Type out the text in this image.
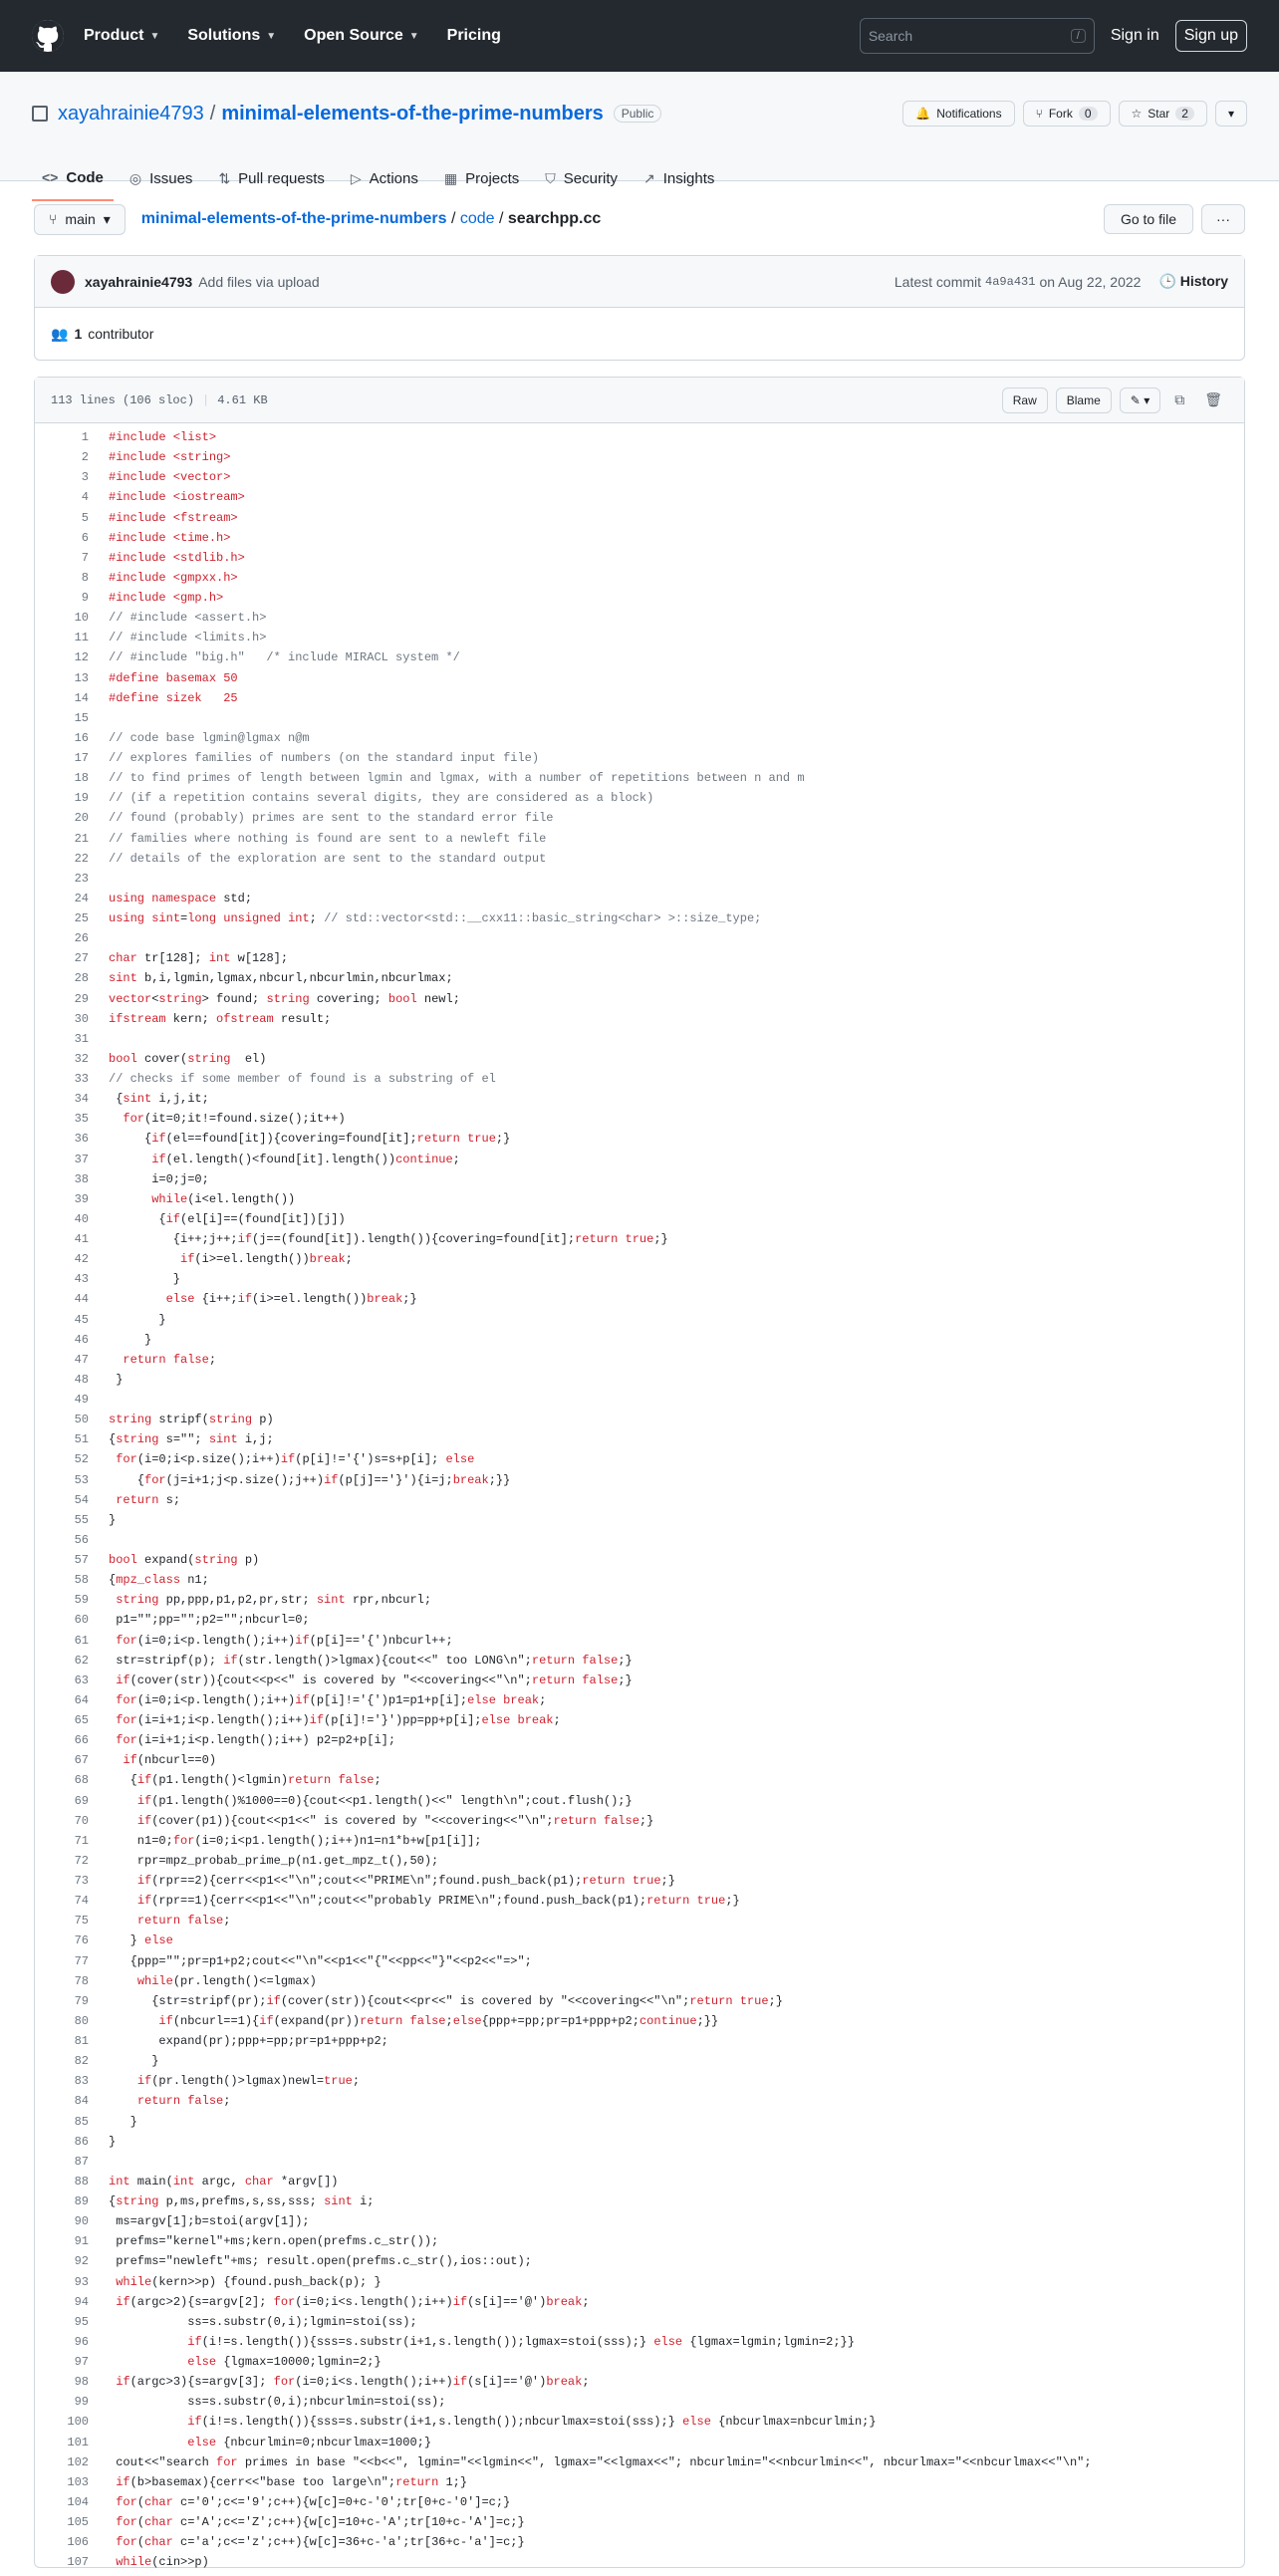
Product ▼ Solutions ▼ Open Source ▼ Pricing	Search	/	Sign in	Sign up
xayahrainie4793 / minimal-elements-of-the-prime-numbers	Public	🔔 Notifications	⑂ Fork	0	☆ Star	2	▾
<> Code ◎ Issues ⇅ Pull requests ▷ Actions ▦ Projects ⛉ Security ↗ Insights
⑂ main ▾ minimal-elements-of-the-prime-numbers / code / searchpp.cc	Go to file	···
xayahrainie4793 Add files via upload	Latest commit 4a9a431 on Aug 22, 2022 🕒 History
👥 1 contributor
113 lines (106 sloc) | 4.61 KB	Raw	Blame	✎ ▾	⧉	🗑
1	#include <list>
2	#include <string>
3	#include <vector>
4	#include <iostream>
5	#include <fstream>
6	#include <time.h>
7	#include <stdlib.h>
8	#include <gmpxx.h>
9	#include <gmp.h>
10	// #include <assert.h>
11	// #include <limits.h>
12	// #include "big.h"   /* include MIRACL system */
13	#define basemax 50
14	#define sizek   25
15

16	// code base lgmin@lgmax n@m
17	// explores families of numbers (on the standard input file)
18	// to find primes of length between lgmin and lgmax, with a number of repetitions between n and m
19	// (if a repetition contains several digits, they are considered as a block)
20	// found (probably) primes are sent to the standard error file
21	// families where nothing is found are sent to a newleft file
22	// details of the exploration are sent to the standard output
23

24	using namespace std;
25	using sint=long unsigned int; // std::vector<std::__cxx11::basic_string<char> >::size_type;
26

27	char tr[128]; int w[128];
28	sint b,i,lgmin,lgmax,nbcurl,nbcurlmin,nbcurlmax;
29	vector<string> found; string covering; bool newl;
30	ifstream kern; ofstream result;
31

32	bool cover(string  el)
33	// checks if some member of found is a substring of el
34	{sint i,j,it;
35	for(it=0;it!=found.size();it++)
36	{if(el==found[it]){covering=found[it];return true;}
37	if(el.length()<found[it].length())continue;
38	i=0;j=0;
39	while(i<el.length())
40	{if(el[i]==(found[it])[j])
41	{i++;j++;if(j==(found[it]).length()){covering=found[it];return true;}
42	if(i>=el.length())break;
43	}
44	else {i++;if(i>=el.length())break;}
45	}
46	}
47	return false;
48	}
49

50	string stripf(string p)
51	{string s=""; sint i,j;
52	for(i=0;i<p.size();i++)if(p[i]!='{')s=s+p[i]; else
53	{for(j=i+1;j<p.size();j++)if(p[j]=='}'){i=j;break;}}
54	return s;
55	}
56

57	bool expand(string p)
58	{mpz_class n1;
59	string pp,ppp,p1,p2,pr,str; sint rpr,nbcurl;
60	p1="";pp="";p2="";nbcurl=0;
61	for(i=0;i<p.length();i++)if(p[i]=='{')nbcurl++;
62	str=stripf(p); if(str.length()>lgmax){cout<<" too LONG\n";return false;}
63	if(cover(str)){cout<<p<<" is covered by "<<covering<<"\n";return false;}
64	for(i=0;i<p.length();i++)if(p[i]!='{')p1=p1+p[i];else break;
65	for(i=i+1;i<p.length();i++)if(p[i]!='}')pp=pp+p[i];else break;
66	for(i=i+1;i<p.length();i++) p2=p2+p[i];
67	if(nbcurl==0)
68	{if(p1.length()<lgmin)return false;
69	if(p1.length()%1000==0){cout<<p1.length()<<" length\n";cout.flush();}
70	if(cover(p1)){cout<<p1<<" is covered by "<<covering<<"\n";return false;}
71	n1=0;for(i=0;i<p1.length();i++)n1=n1*b+w[p1[i]];
72	rpr=mpz_probab_prime_p(n1.get_mpz_t(),50);
73	if(rpr==2){cerr<<p1<<"\n";cout<<"PRIME\n";found.push_back(p1);return true;}
74	if(rpr==1){cerr<<p1<<"\n";cout<<"probably PRIME\n";found.push_back(p1);return true;}
75	return false;
76	} else
77	{ppp="";pr=p1+p2;cout<<"\n"<<p1<<"{"<<pp<<"}"<<p2<<"=>";
78	while(pr.length()<=lgmax)
79	{str=stripf(pr);if(cover(str)){cout<<pr<<" is covered by "<<covering<<"\n";return true;}
80	if(nbcurl==1){if(expand(pr))return false;else{ppp+=pp;pr=p1+ppp+p2;continue;}}
81	expand(pr);ppp+=pp;pr=p1+ppp+p2;
82	}
83	if(pr.length()>lgmax)newl=true;
84	return false;
85	}
86	}
87

88	int main(int argc, char *argv[])
89	{string p,ms,prefms,s,ss,sss; sint i;
90	ms=argv[1];b=stoi(argv[1]);
91	prefms="kernel"+ms;kern.open(prefms.c_str());
92	prefms="newleft"+ms; result.open(prefms.c_str(),ios::out);
93	while(kern>>p) {found.push_back(p); }
94	if(argc>2){s=argv[2]; for(i=0;i<s.length();i++)if(s[i]=='@')break;
95	ss=s.substr(0,i);lgmin=stoi(ss);
96	if(i!=s.length()){sss=s.substr(i+1,s.length());lgmax=stoi(sss);} else {lgmax=lgmin;lgmin=2;}}
97	else {lgmax=10000;lgmin=2;}
98	if(argc>3){s=argv[3]; for(i=0;i<s.length();i++)if(s[i]=='@')break;
99	ss=s.substr(0,i);nbcurlmin=stoi(ss);
100	if(i!=s.length()){sss=s.substr(i+1,s.length());nbcurlmax=stoi(sss);} else {nbcurlmax=nbcurlmin;}
101	else {nbcurlmin=0;nbcurlmax=1000;}
102	cout<<"search for primes in base "<<b<<", lgmin="<<lgmin<<", lgmax="<<lgmax<<"; nbcurlmin="<<nbcurlmin<<", nbcurlmax="<<nbcurlmax<<"\n";
103	if(b>basemax){cerr<<"base too large\n";return 1;}
104	for(char c='0';c<='9';c++){w[c]=0+c-'0';tr[0+c-'0']=c;}
105	for(char c='A';c<='Z';c++){w[c]=10+c-'A';tr[10+c-'A']=c;}
106	for(char c='a';c<='z';c++){w[c]=36+c-'a';tr[36+c-'a']=c;}
107	while(cin>>p)
